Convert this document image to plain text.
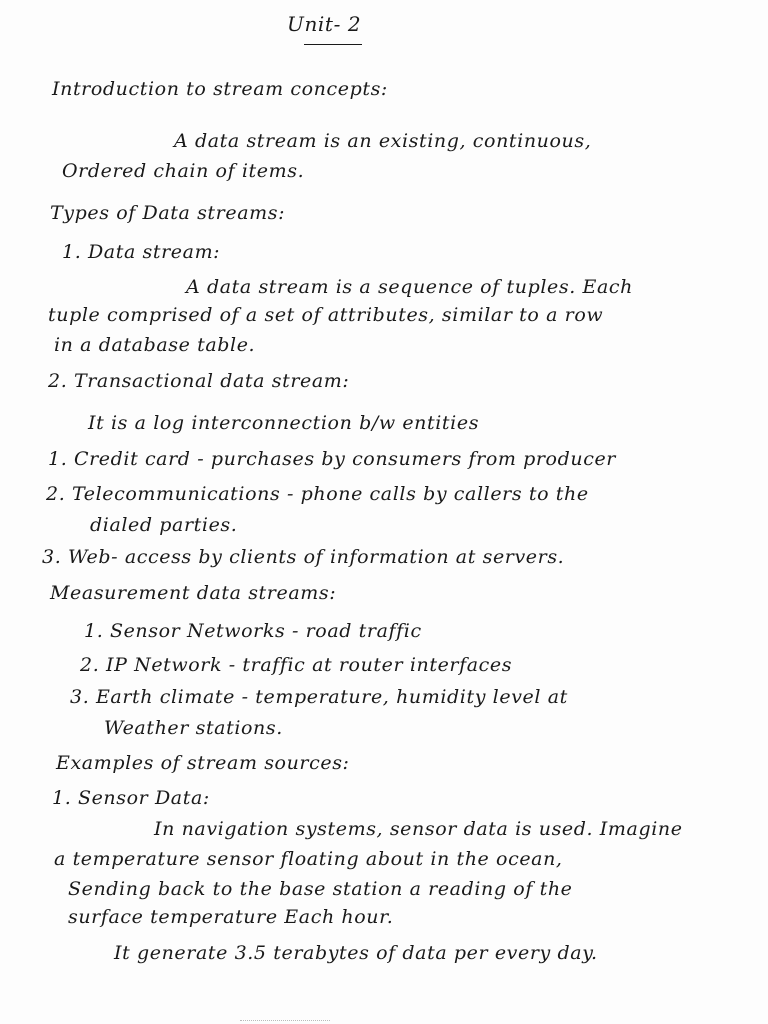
Unit- 2
Introduction to stream concepts:
A data stream is an existing, continuous,
Ordered chain of items.
Types of Data streams:
1. Data stream:
A data stream is a sequence of tuples. Each
tuple comprised of a set of attributes, similar to a row
in a database table.
2. Transactional data stream:
It is a log interconnection b/w entities
1. Credit card - purchases by consumers from producer
2. Telecommunications - phone calls by callers to the
dialed parties.
3. Web- access by clients of information at servers.
Measurement data streams:
1. Sensor Networks - road traffic
2. IP Network - traffic at router interfaces
3. Earth climate - temperature, humidity level at
Weather stations.
Examples of stream sources:
1. Sensor Data:
In navigation systems, sensor data is used. Imagine
a temperature sensor floating about in the ocean,
Sending back to the base station a reading of the
surface temperature Each hour.
It generate 3.5 terabytes of data per every day.
